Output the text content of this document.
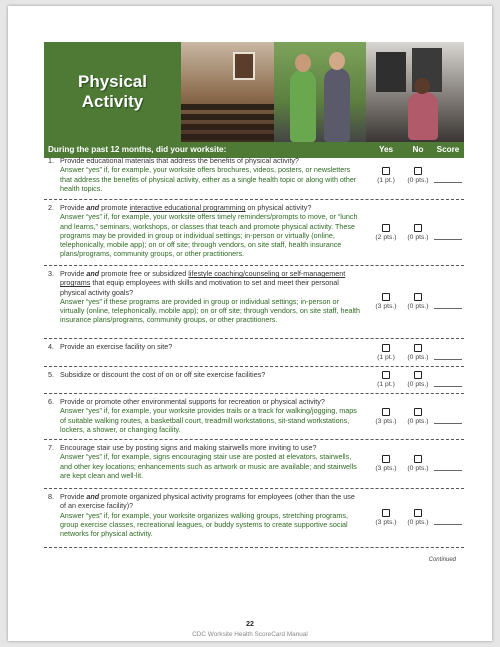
Physical
Activity
During the past 12 months, did your worksite:	Yes	No	Score
1. Provide educational materials that address the benefits of physical activity?
Answer “yes” if, for example, your worksite offers brochures, videos, posters, or newsletters that address the benefits of physical activity, either as a single health topic or along with other health topics.
(1 pt.)	(0 pts.)
2. Provide and promote interactive educational programming on physical activity?
Answer “yes” if, for example, your worksite offers timely reminders/prompts to move, or “lunch and learns,” seminars, workshops, or classes that teach and promote physical activity. These programs may be provided in group or individual settings; in-person or virtually (online, telephonically, mobile app); on or off site; through vendors, on site staff, health insurance plans/programs, community groups, or other practitioners.
(2 pts.)	(0 pts.)
3. Provide and promote free or subsidized lifestyle coaching/counseling or self-management programs that equip employees with skills and motivation to set and meet their personal physical activity goals?
Answer “yes” if these programs are provided in group or individual settings; in-person or virtually (online, telephonically, mobile app); on or off site; through vendors, on site staff, health insurance plans/programs, community groups, or other practitioners.
(3 pts.)	(0 pts.)
4. Provide an exercise facility on site?
(1 pt.)	(0 pts.)
5. Subsidize or discount the cost of on or off site exercise facilities?
(1 pt.)	(0 pts.)
6. Provide or promote other environmental supports for recreation or physical activity?
Answer “yes” if, for example, your worksite provides trails or a track for walking/jogging, maps of suitable walking routes, a basketball court, treadmill workstations, sit-stand workstations, lockers, a shower, or changing facility.
(3 pts.)	(0 pts.)
7. Encourage stair use by posting signs and making stairwells more inviting to use?
Answer “yes” if, for example, signs encouraging stair use are posted at elevators, stairwells, and other key locations; enhancements such as artwork or music are available; and stairwells are kept clean and well-lit.
(3 pts.)	(0 pts.)
8. Provide and promote organized physical activity programs for employees (other than the use of an exercise facility)?
Answer “yes” if, for example, your worksite organizes walking groups, stretching programs, group exercise classes, recreational leagues, or buddy systems to create supportive social networks for physical activity.
(3 pts.)	(0 pts.)
Continued
22
CDC Worksite Health ScoreCard Manual
